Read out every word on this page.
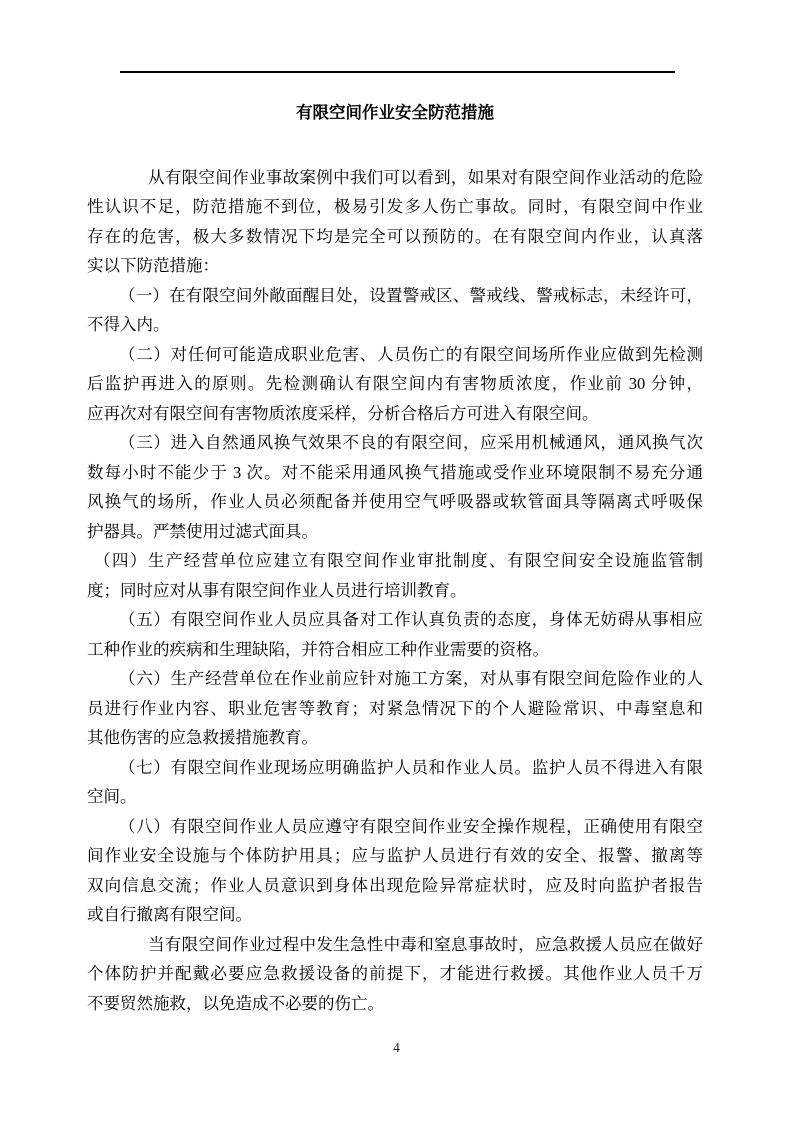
有限空间作业安全防范措施

从有限空间作业事故案例中我们可以看到，如果对有限空间作业活动的危险
性认识不足，防范措施不到位，极易引发多人伤亡事故。同时，有限空间中作业
存在的危害，极大多数情况下均是完全可以预防的。在有限空间内作业，认真落
实以下防范措施：

（一）在有限空间外敞面醒目处，设置警戒区、警戒线、警戒标志，未经许可，
不得入内。

（二）对任何可能造成职业危害、人员伤亡的有限空间场所作业应做到先检测
后监护再进入的原则。先检测确认有限空间内有害物质浓度，作业前 30 分钟，
应再次对有限空间有害物质浓度采样，分析合格后方可进入有限空间。

（三）进入自然通风换气效果不良的有限空间，应采用机械通风，通风换气次
数每小时不能少于 3 次。对不能采用通风换气措施或受作业环境限制不易充分通
风换气的场所，作业人员必须配备并使用空气呼吸器或软管面具等隔离式呼吸保
护器具。严禁使用过滤式面具。

（四）生产经营单位应建立有限空间作业审批制度、有限空间安全设施监管制
度；同时应对从事有限空间作业人员进行培训教育。

（五）有限空间作业人员应具备对工作认真负责的态度，身体无妨碍从事相应
工种作业的疾病和生理缺陷，并符合相应工种作业需要的资格。

（六）生产经营单位在作业前应针对施工方案，对从事有限空间危险作业的人
员进行作业内容、职业危害等教育；对紧急情况下的个人避险常识、中毒窒息和
其他伤害的应急救援措施教育。

（七）有限空间作业现场应明确监护人员和作业人员。监护人员不得进入有限
空间。

（八）有限空间作业人员应遵守有限空间作业安全操作规程，正确使用有限空
间作业安全设施与个体防护用具；应与监护人员进行有效的安全、报警、撤离等
双向信息交流；作业人员意识到身体出现危险异常症状时，应及时向监护者报告
或自行撤离有限空间。

当有限空间作业过程中发生急性中毒和窒息事故时，应急救援人员应在做好
个体防护并配戴必要应急救援设备的前提下，才能进行救援。其他作业人员千万
不要贸然施救，以免造成不必要的伤亡。

4
